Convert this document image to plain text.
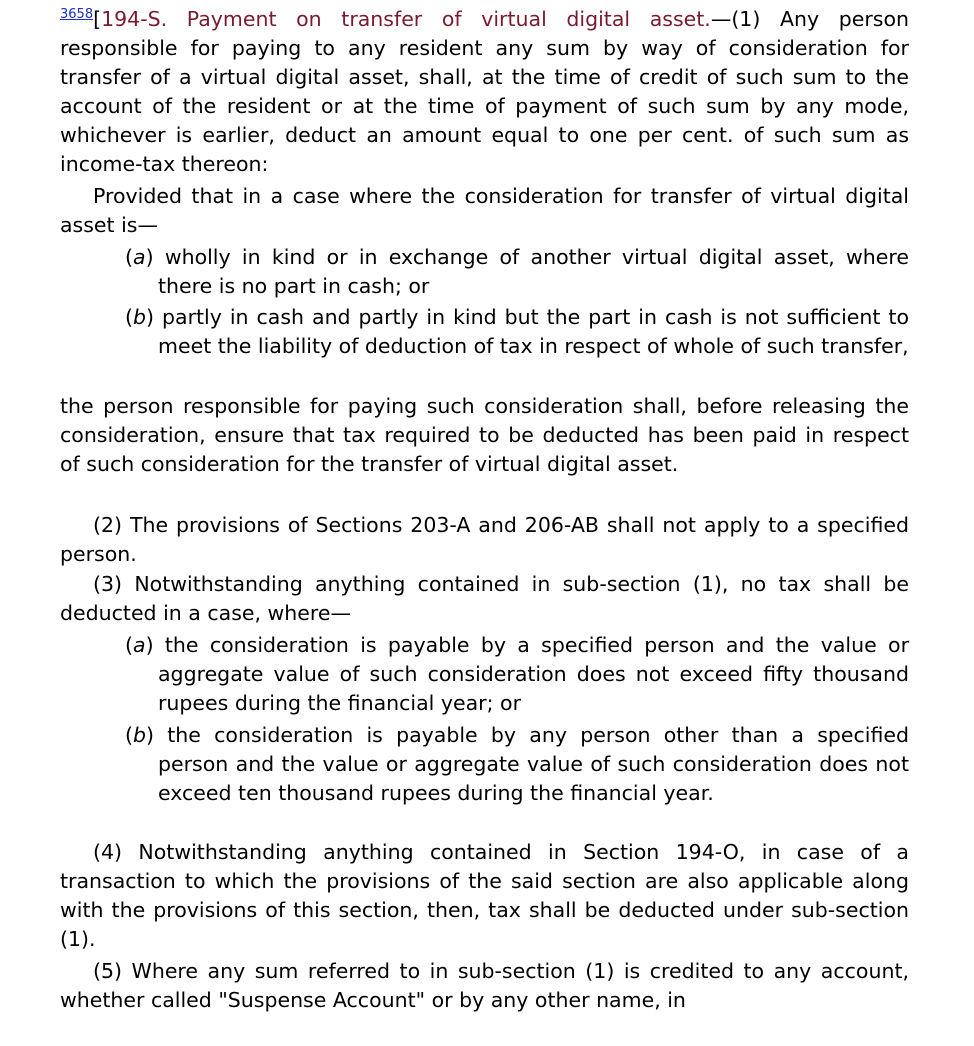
$^{3658}$[194-S. Payment on transfer of virtual digital asset.—(1) Any person responsible for paying to any resident any sum by way of consideration for transfer of a virtual digital asset, shall, at the time of credit of such sum to the account of the resident or at the time of payment of such sum by any mode, whichever is earlier, deduct an amount equal to one per cent. of such sum as income-tax thereon:

Provided that in a case where the consideration for transfer of virtual digital asset is—

(a) wholly in kind or in exchange of another virtual digital asset, where there is no part in cash; or

(b) partly in cash and partly in kind but the part in cash is not sufficient to meet the liability of deduction of tax in respect of whole of such transfer,

the person responsible for paying such consideration shall, before releasing the consideration, ensure that tax required to be deducted has been paid in respect of such consideration for the transfer of virtual digital asset.

(2) The provisions of Sections 203-A and 206-AB shall not apply to a specified person.

(3) Notwithstanding anything contained in sub-section (1), no tax shall be deducted in a case, where—

(a) the consideration is payable by a specified person and the value or aggregate value of such consideration does not exceed fifty thousand rupees during the financial year; or

(b) the consideration is payable by any person other than a specified person and the value or aggregate value of such consideration does not exceed ten thousand rupees during the financial year.

(4) Notwithstanding anything contained in Section 194-O, in case of a transaction to which the provisions of the said section are also applicable along with the provisions of this section, then, tax shall be deducted under sub-section (1).

(5) Where any sum referred to in sub-section (1) is credited to any account, whether called "Suspense Account" or by any other name, in
